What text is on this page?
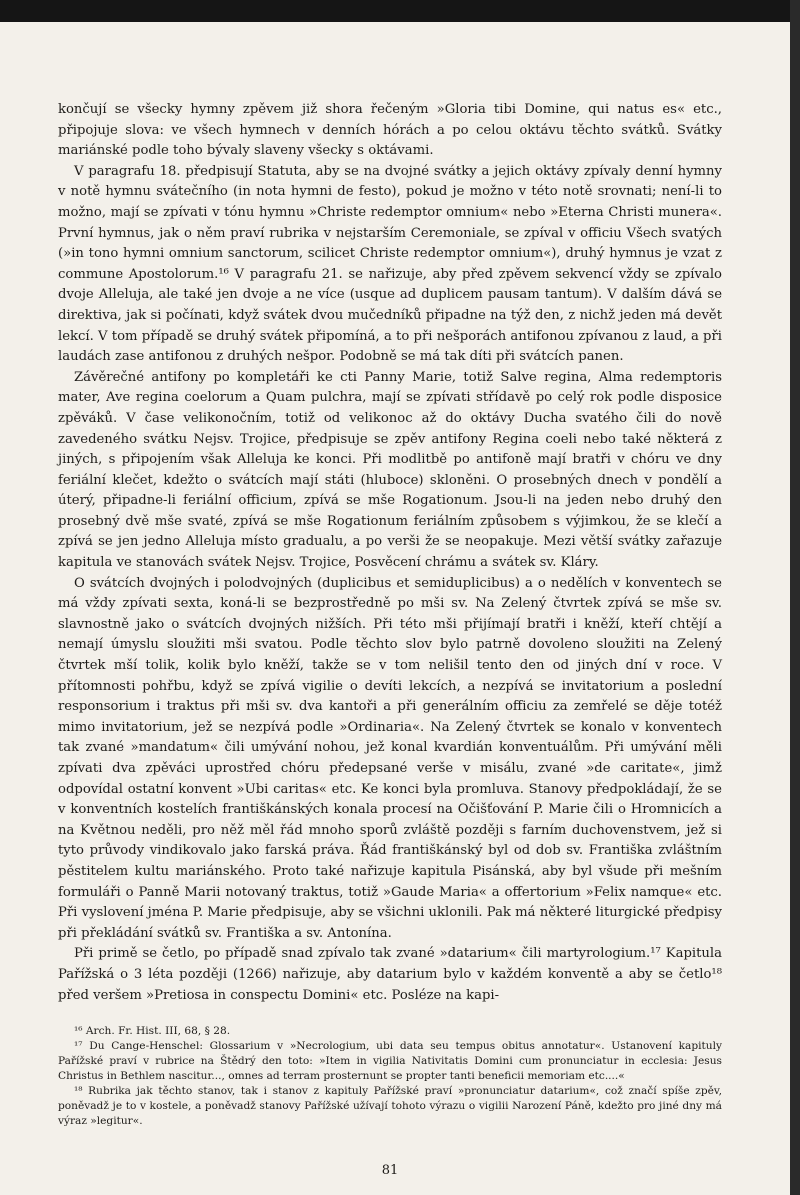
končují se všecky hymny zpěvem již shora řečeným »Gloria tibi Domine, qui natus es« etc., připojuje slova: ve všech hymnech v denních hórách a po celou oktávu těchto svátků. Svátky mariánské podle toho bývaly slaveny všecky s oktávami.

V paragrafu 18. předpisují Statuta, aby se na dvojné svátky a jejich oktávy zpívaly denní hymny v notě hymnu svátečního (in nota hymni de festo), pokud je možno v této notě srovnati; není-li to možno, mají se zpívati v tónu hymnu »Christe redemptor omnium« nebo »Eterna Christi munera«. První hymnus, jak o něm praví rubrika v nejstarším Ceremoniale, se zpíval v officiu Všech svatých (»in tono hymni omnium sanctorum, scilicet Christe redemptor omnium«), druhý hymnus je vzat z commune Apostolorum.¹⁶ V paragrafu 21. se nařizuje, aby před zpěvem sekvencí vždy se zpívalo dvoje Alleluja, ale také jen dvoje a ne více (usque ad duplicem pausam tantum). V dalším dává se direktiva, jak si počínati, když svátek dvou mučedníků připadne na týž den, z nichž jeden má devět lekcí. V tom případě se druhý svátek připomíná, a to při nešporách antifonou zpívanou z laud, a při laudách zase antifonou z druhých nešpor. Podobně se má tak díti při svátcích panen.

Závěrečné antifony po kompletáři ke cti Panny Marie, totiž Salve regina, Alma redemptoris mater, Ave regina coelorum a Quam pulchra, mají se zpívati střídavě po celý rok podle disposice zpěváků. V čase velikonočním, totiž od velikonoc až do oktávy Ducha svatého čili do nově zavedeného svátku Nejsv. Trojice, předpisuje se zpěv antifony Regina coeli nebo také některá z jiných, s připojením však Alleluja ke konci. Při modlitbě po antifoně mají bratři v chóru ve dny feriální klečet, kdežto o svátcích mají státi (hluboce) skloněni. O prosebných dnech v pondělí a úterý, připadne-li feriální officium, zpívá se mše Rogationum. Jsou-li na jeden nebo druhý den prosebný dvě mše svaté, zpívá se mše Rogationum feriálním způsobem s výjimkou, že se klečí a zpívá se jen jedno Alleluja místo gradualu, a po verši že se neopakuje. Mezi větší svátky zařazuje kapitula ve stanovách svátek Nejsv. Trojice, Posvěcení chrámu a svátek sv. Kláry.

O svátcích dvojných i polodvojných (duplicibus et semiduplicibus) a o nedělích v konventech se má vždy zpívati sexta, koná-li se bezprostředně po mši sv. Na Zelený čtvrtek zpívá se mše sv. slavnostně jako o svátcích dvojných nižších. Při této mši přijímají bratři i kněží, kteří chtějí a nemají úmyslu sloužiti mši svatou. Podle těchto slov bylo patrně dovoleno sloužiti na Zelený čtvrtek mší tolik, kolik bylo kněží, takže se v tom nelišil tento den od jiných dní v roce. V přítomnosti pohřbu, když se zpívá vigilie o devíti lekcích, a nezpívá se invitatorium a poslední responsorium i traktus při mši sv. dva kantoři a při generálním officiu za zemřelé se děje totéž mimo invitatorium, jež se nezpívá podle »Ordinaria«. Na Zelený čtvrtek se konalo v konventech tak zvané »mandatum« čili umývání nohou, jež konal kvardián konventuálům. Při umývání měli zpívati dva zpěváci uprostřed chóru předepsané verše v misálu, zvané »de caritate«, jimž odpovídal ostatní konvent »Ubi caritas« etc. Ke konci byla promluva. Stanovy předpokládají, že se v konventních kostelích františkánských konala procesí na Očišťování P. Marie čili o Hromnicích a na Květnou neděli, pro něž měl řád mnoho sporů zvláště později s farním duchovenstvem, jež si tyto průvody vindikovalo jako farská práva. Řád františkánský byl od dob sv. Františka zvláštním pěstitelem kultu mariánského. Proto také nařizuje kapitula Pisánská, aby byl všude při mešním formuláři o Panně Marii notovaný traktus, totiž »Gaude Maria« a offertorium »Felix namque« etc. Při vyslovení jména P. Marie předpisuje, aby se všichni uklonili. Pak má některé liturgické předpisy při překládání svátků sv. Františka a sv. Antonína.

Při primě se četlo, po případě snad zpívalo tak zvané »datarium« čili martyrologium.¹⁷ Kapitula Pařížská o 3 léta později (1266) nařizuje, aby datarium bylo v každém konventě a aby se četlo¹⁸ před veršem »Pretiosa in conspectu Domini« etc. Posléze na kapi-

¹⁶ Arch. Fr. Hist. III, 68, § 28.

¹⁷ Du Cange-Henschel: Glossarium v »Necrologium, ubi data seu tempus obitus annotatur«. Ustanovení kapituly Pařížské praví v rubrice na Štědrý den toto: »Item in vigilia Nativitatis Domini cum pronunciatur in ecclesia: Jesus Christus in Bethlem nascitur..., omnes ad terram prosternunt se propter tanti beneficii memoriam etc....«

¹⁸ Rubrika jak těchto stanov, tak i stanov z kapituly Pařížské praví »pronunciatur datarium«, což značí spíše zpěv, poněvadž je to v kostele, a poněvadž stanovy Pařížské užívají tohoto výrazu o vigilii Narození Páně, kdežto pro jiné dny má výraz »legitur«.

81
